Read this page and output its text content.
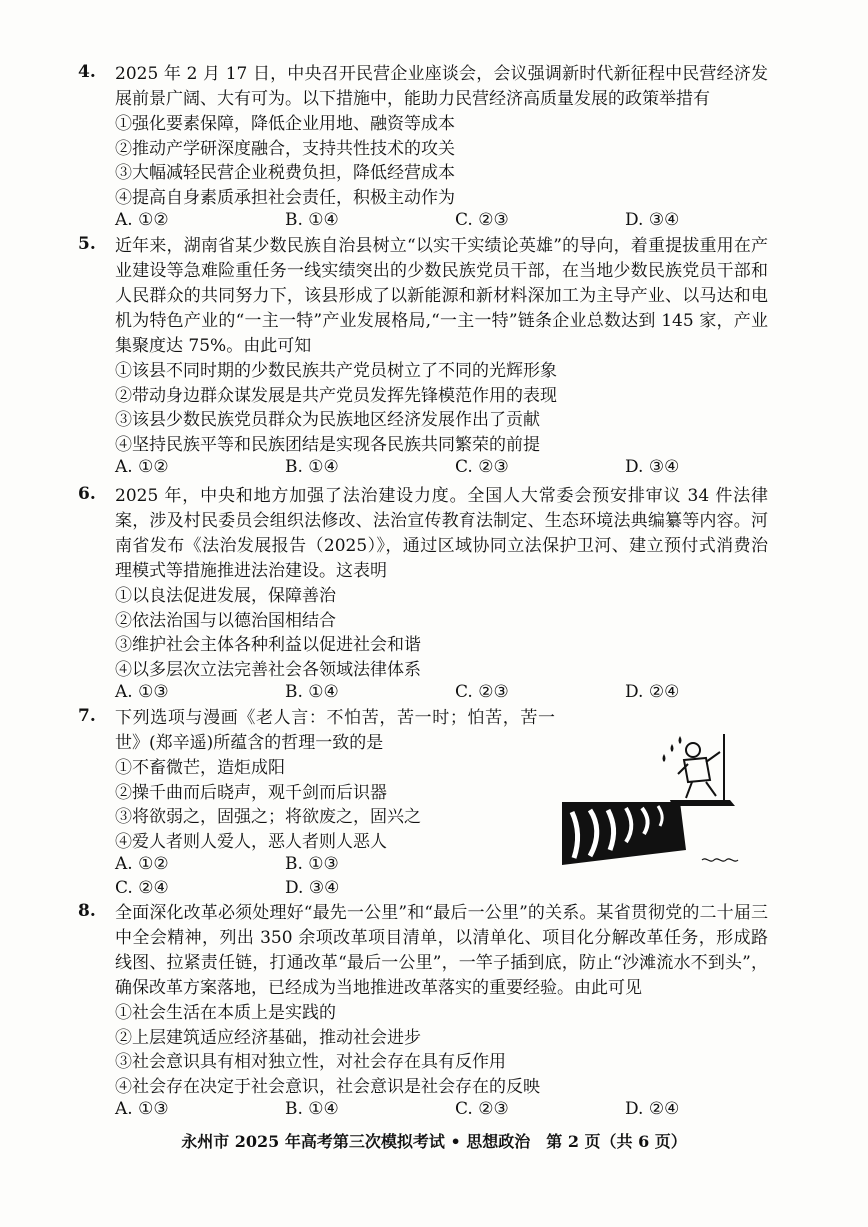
4.	2025 年 2 月 17 日，中央召开民营企业座谈会，会议强调新时代新征程中民营经济发展前景广阔、大有可为。以下措施中，能助力民营经济高质量发展的政策举措有
①强化要素保障，降低企业用地、融资等成本
②推动产学研深度融合，支持共性技术的攻关
③大幅减轻民营企业税费负担，降低经营成本
④提高自身素质承担社会责任，积极主动作为
A. ①②	B. ①④	C. ②③	D. ③④
5.	近年来，湖南省某少数民族自治县树立“以实干实绩论英雄”的导向，着重提拔重用在产业建设等急难险重任务一线实绩突出的少数民族党员干部，在当地少数民族党员干部和人民群众的共同努力下，该县形成了以新能源和新材料深加工为主导产业、以马达和电机为特色产业的“一主一特”产业发展格局,“一主一特”链条企业总数达到 145 家，产业集聚度达 75%。由此可知
①该县不同时期的少数民族共产党员树立了不同的光辉形象
②带动身边群众谋发展是共产党员发挥先锋模范作用的表现
③该县少数民族党员群众为民族地区经济发展作出了贡献
④坚持民族平等和民族团结是实现各民族共同繁荣的前提
A. ①②	B. ①④	C. ②③	D. ③④
6.	2025 年，中央和地方加强了法治建设力度。全国人大常委会预安排审议 34 件法律案，涉及村民委员会组织法修改、法治宣传教育法制定、生态环境法典编纂等内容。河南省发布《法治发展报告（2025）》，通过区域协同立法保护卫河、建立预付式消费治理模式等措施推进法治建设。这表明
①以良法促进发展，保障善治
②依法治国与以德治国相结合
③维护社会主体各种利益以促进社会和谐
④以多层次立法完善社会各领域法律体系
A. ①③	B. ①④	C. ②③	D. ②④
7.	下列选项与漫画《老人言：不怕苦，苦一时；怕苦，苦一世》(郑辛遥)所蕴含的哲理一致的是
①不畜微芒，造炬成阳
②操千曲而后晓声，观千剑而后识器
③将欲弱之，固强之；将欲废之，固兴之
④爱人者则人爱人，恶人者则人恶人
A. ①②	B. ①③
C. ②④	D. ③④
8.	全面深化改革必须处理好“最先一公里”和“最后一公里”的关系。某省贯彻党的二十届三中全会精神，列出 350 余项改革项目清单，以清单化、项目化分解改革任务，形成路线图、拉紧责任链，打通改革“最后一公里”，一竿子插到底，防止“沙滩流水不到头”，确保改革方案落地，已经成为当地推进改革落实的重要经验。由此可见
①社会生活在本质上是实践的
②上层建筑适应经济基础，推动社会进步
③社会意识具有相对独立性，对社会存在具有反作用
④社会存在决定于社会意识，社会意识是社会存在的反映
A. ①③	B. ①④	C. ②③	D. ②④
永州市 2025 年高考第三次模拟考试 • 思想政治　第 2 页（共 6 页）
